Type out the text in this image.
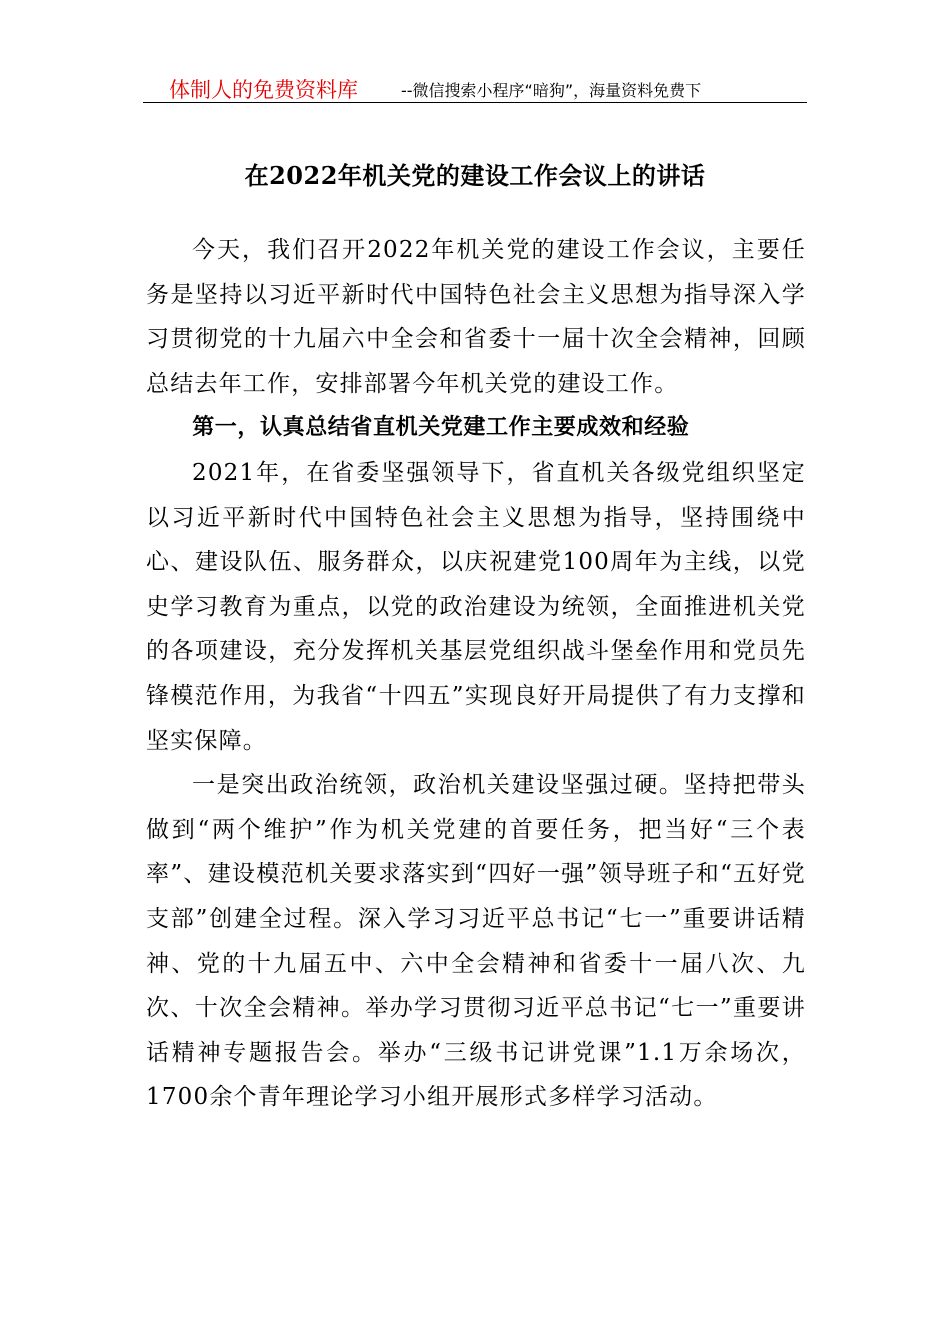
体制人的免费资料库	--微信搜索小程序“暗狗”，海量资料免费下
在2022年机关党的建设工作会议上的讲话

今天，我们召开2022年机关党的建设工作会议，主要任务是坚持以习近平新时代中国特色社会主义思想为指导深入学习贯彻党的十九届六中全会和省委十一届十次全会精神，回顾总结去年工作，安排部署今年机关党的建设工作。

第一，认真总结省直机关党建工作主要成效和经验

2021年，在省委坚强领导下，省直机关各级党组织坚定以习近平新时代中国特色社会主义思想为指导，坚持围绕中心、建设队伍、服务群众，以庆祝建党100周年为主线，以党史学习教育为重点，以党的政治建设为统领，全面推进机关党的各项建设，充分发挥机关基层党组织战斗堡垒作用和党员先锋模范作用，为我省“十四五”实现良好开局提供了有力支撑和坚实保障。

一是突出政治统领，政治机关建设坚强过硬。坚持把带头做到“两个维护”作为机关党建的首要任务，把当好“三个表率”、建设模范机关要求落实到“四好一强”领导班子和“五好党支部”创建全过程。深入学习习近平总书记“七一”重要讲话精神、党的十九届五中、六中全会精神和省委十一届八次、九次、十次全会精神。举办学习贯彻习近平总书记“七一”重要讲话精神专题报告会。举办“三级书记讲党课”1.1万余场次，1700余个青年理论学习小组开展形式多样学习活动。
